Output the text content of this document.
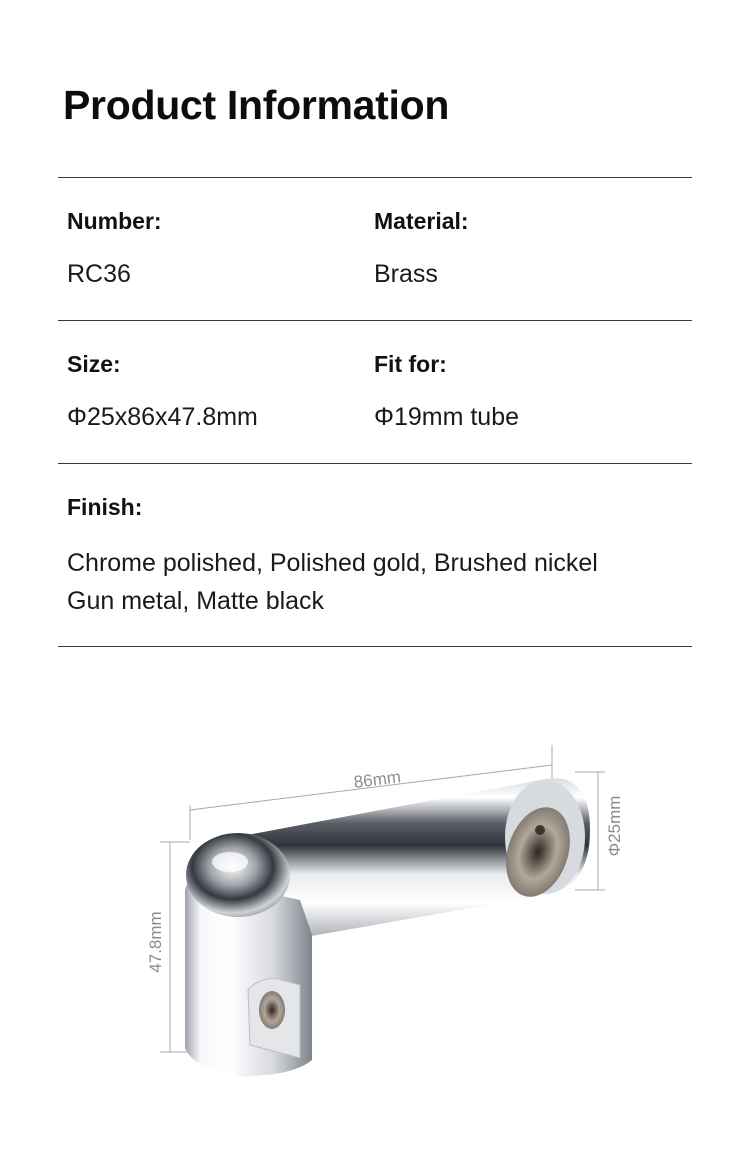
Product Information
Number:
RC36
Material:
Brass
Size:
Φ25x86x47.8mm
Fit for:
Φ19mm tube
Finish:
Chrome polished, Polished gold, Brushed nickel
Gun metal, Matte black
86mm
Φ25mm
47.8mm
